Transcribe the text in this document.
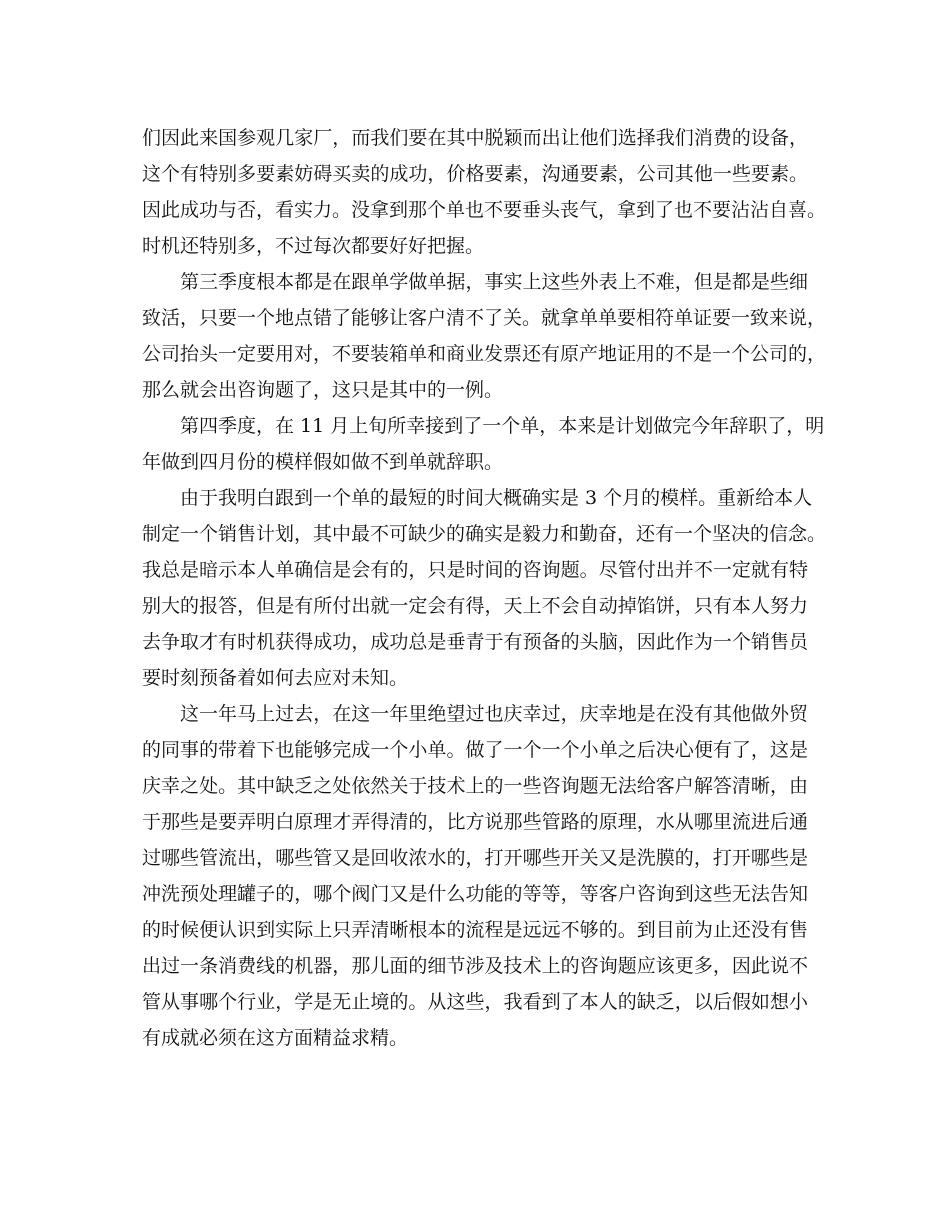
们因此来国参观几家厂，而我们要在其中脱颖而出让他们选择我们消费的设备，
这个有特别多要素妨碍买卖的成功，价格要素，沟通要素，公司其他一些要素。
因此成功与否，看实力。没拿到那个单也不要垂头丧气，拿到了也不要沾沾自喜。
时机还特别多，不过每次都要好好把握。
第三季度根本都是在跟单学做单据，事实上这些外表上不难，但是都是些细
致活，只要一个地点错了能够让客户清不了关。就拿单单要相符单证要一致来说，
公司抬头一定要用对，不要装箱单和商业发票还有原产地证用的不是一个公司的，
那么就会出咨询题了，这只是其中的一例。
第四季度，在 11 月上旬所幸接到了一个单，本来是计划做完今年辞职了，明
年做到四月份的模样假如做不到单就辞职。
由于我明白跟到一个单的最短的时间大概确实是 3 个月的模样。重新给本人
制定一个销售计划，其中最不可缺少的确实是毅力和勤奋，还有一个坚决的信念。
我总是暗示本人单确信是会有的，只是时间的咨询题。尽管付出并不一定就有特
别大的报答，但是有所付出就一定会有得，天上不会自动掉馅饼，只有本人努力
去争取才有时机获得成功，成功总是垂青于有预备的头脑，因此作为一个销售员
要时刻预备着如何去应对未知。
这一年马上过去，在这一年里绝望过也庆幸过，庆幸地是在没有其他做外贸
的同事的带着下也能够完成一个小单。做了一个一个小单之后决心便有了，这是
庆幸之处。其中缺乏之处依然关于技术上的一些咨询题无法给客户解答清晰，由
于那些是要弄明白原理才弄得清的，比方说那些管路的原理，水从哪里流进后通
过哪些管流出，哪些管又是回收浓水的，打开哪些开关又是洗膜的，打开哪些是
冲洗预处理罐子的，哪个阀门又是什么功能的等等，等客户咨询到这些无法告知
的时候便认识到实际上只弄清晰根本的流程是远远不够的。到目前为止还没有售
出过一条消费线的机器，那儿面的细节涉及技术上的咨询题应该更多，因此说不
管从事哪个行业，学是无止境的。从这些，我看到了本人的缺乏，以后假如想小
有成就必须在这方面精益求精。
